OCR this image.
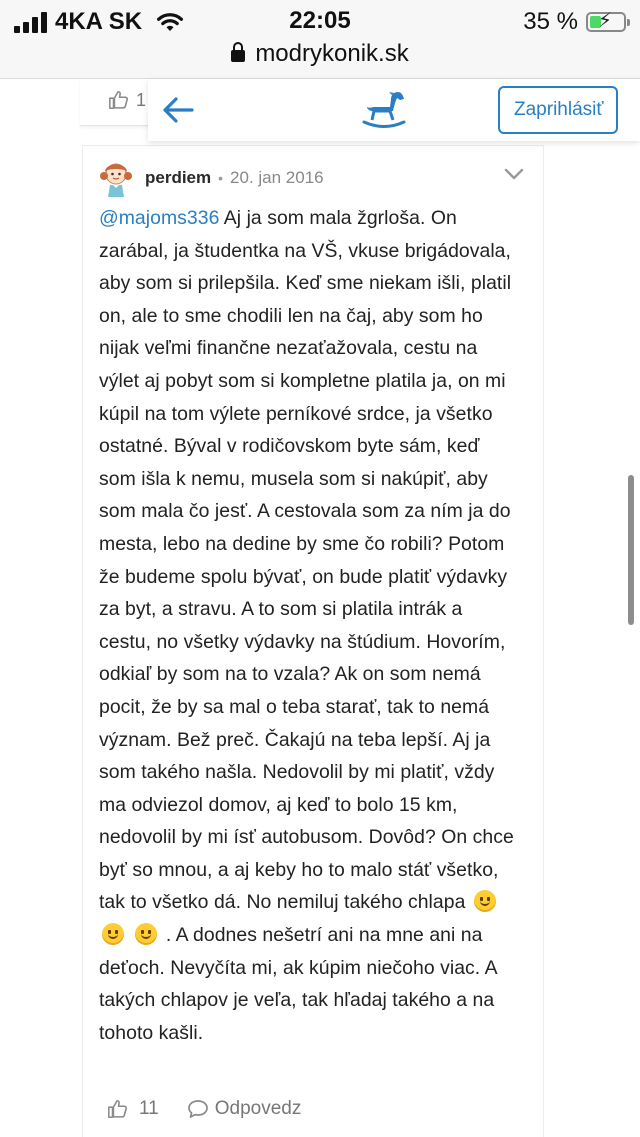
4KA SK	22:05	35 % ⚡
modrykonik.sk
1
perdiem • 20. jan 2016
@majoms336 Aj ja som mala žgrloša. On zarábal, ja študentka na VŠ, vkuse brigádovala, aby som si prilepšila. Keď sme niekam išli, platil on, ale to sme chodili len na čaj, aby som ho nijak veľmi finančne nezaťažovala, cestu na výlet aj pobyt som si kompletne platila ja, on mi kúpil na tom výlete perníkové srdce, ja všetko ostatné. Býval v rodičovskom byte sám, keď som išla k nemu, musela som si nakúpiť, aby som mala čo jesť. A cestovala som za ním ja do mesta, lebo na dedine by sme čo robili? Potom že budeme spolu bývať, on bude platiť výdavky za byt, a stravu. A to som si platila intrák a cestu, no všetky výdavky na štúdium. Hovorím, odkiaľ by som na to vzala? Ak on som nemá pocit, že by sa mal o teba starať, tak to nemá význam. Bež preč. Čakajú na teba lepší. Aj ja som takého našla. Nedovolil by mi platiť, vždy ma odviezol domov, aj keď to bolo 15 km, nedovolil by mi ísť autobusom. Dovôd? On chce byť so mnou, a aj keby ho to malo stáť všetko, tak to všetko dá. No nemiluj takého chlapa    . A dodnes nešetrí ani na mne ani na deťoch. Nevyčíta mi, ak kúpim niečoho viac. A takých chlapov je veľa, tak hľadaj takého a na tohoto kašli.
11	Odpovedz
Zaprihlásiť
